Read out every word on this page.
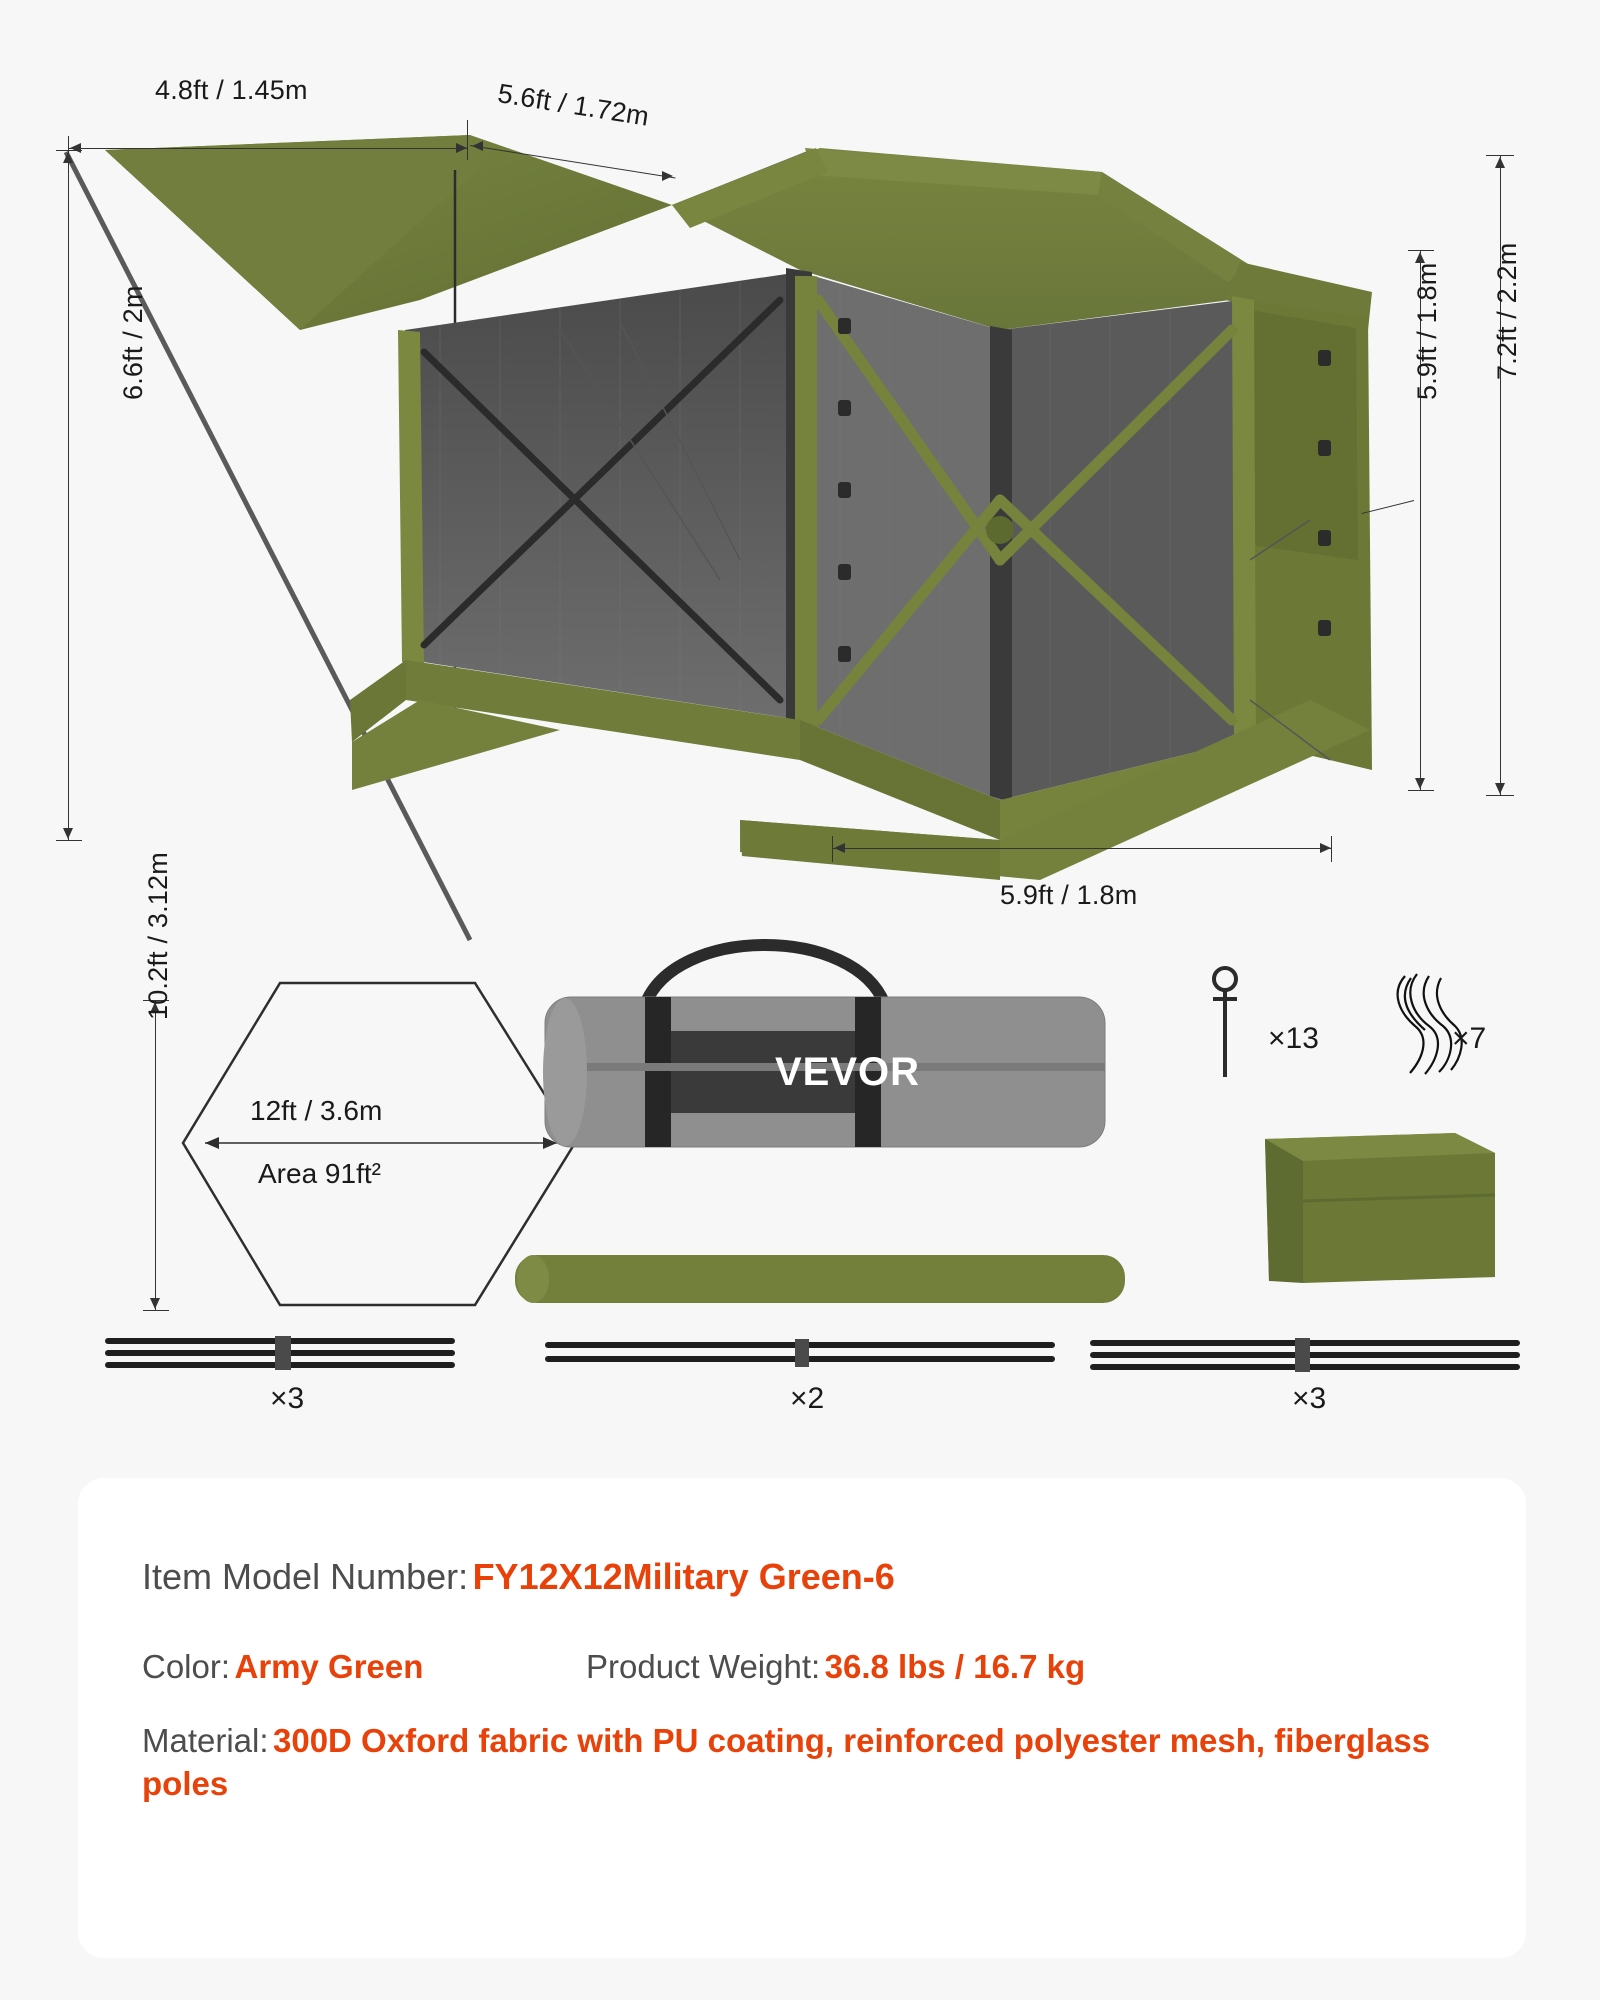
4.8ft / 1.45m	5.6ft / 1.72m
6.6ft / 2m	7.2ft / 2.2m
5.9ft / 1.8m
5.9ft / 1.8m
12ft / 3.6m
Area 91ft²
10.2ft / 3.12m
VEVOR
×13	×7
×3	×2	×3
Item Model Number: FY12X12Military Green-6
Color: Army Green	Product Weight: 36.8 lbs / 16.7 kg
Material: 300D Oxford fabric with PU coating, reinforced polyester mesh, fiberglass poles
